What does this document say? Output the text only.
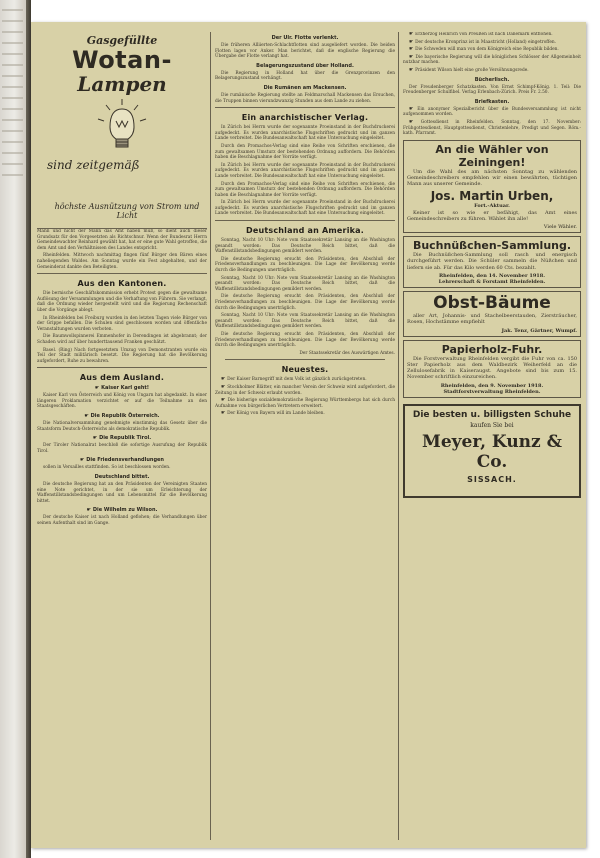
Gasgefüllte
Wotan-
Lampen
sind zeitgemäß
höchste Ausnützung von Strom und Licht

Mann und nicht der Mann das Amt haben muß, so dient auch dieser Grundsatz für den Vorgesetzten als Richtschnur. Wenn der Bundesrat Herrn Gemeindewachter Reinhard gewählt hat, hat er eine gute Wahl getroffen, die dem Amt und den Verhältnissen des Landes entspricht.

Rheinfelden. Mittwoch nachmittag fingen fünf Bürger den Bären eines naheliegenden Waldes. Am Sonntag wurde ein Fest abgehalten, und der Gemeinderat dankte den Beteiligten.

Aus den Kantonen.

Die bernische Geschäftskommission erhebt Protest gegen die gewaltsame Auflösung der Versammlungen und die Verhaftung von Führern. Sie verlangt, daß die Ordnung wieder hergestellt wird und die Regierung Rechenschaft über die Vorgänge ablegt.

In Rheinfelden bei Freiburg wurden in den letzten Tagen viele Bürger von der Grippe befallen. Die Schulen sind geschlossen worden und öffentliche Veranstaltungen wurden verboten.

Die Baumwollspinnerei Emmenhofer in Derendingen ist abgebrannt; der Schaden wird auf über hunderttausend Franken geschätzt.

Basel. (Ring) Nach fortgesetztem Umzug von Demonstranten wurde ein Teil der Stadt militärisch besetzt. Die Regierung hat die Bevölkerung aufgefordert, Ruhe zu bewahren.

Aus dem Ausland.
☛ Kaiser Karl geht!

Kaiser Karl von Österreich und König von Ungarn hat abgedankt. In einer längeren Proklamation verzichtet er auf die Teilnahme an den Staatsgeschäften.

☛ Die Republik Österreich.

Die Nationalversammlung genehmigte einstimmig das Gesetz über die Staatsform Deutsch-Österreichs als demokratische Republik.

☛ Die Republik Tirol.

Der Tiroler Nationalrat beschloß die sofortige Ausrufung der Republik Tirol.

☛ Die Friedensverhandlungen

sollen in Versailles stattfinden. So ist beschlossen worden.

Deutschland bittet.

Die deutsche Regierung hat an den Präsidenten der Vereinigten Staaten eine Note gerichtet, in der sie um Erleichterung der Waffenstillstandsbedingungen und um Lebensmittel für die Bevölkerung bittet.

☛ Die Wilhelm zu Wilson.

Der deutsche Kaiser ist nach Holland geflohen; die Verhandlungen über seinen Aufenthalt sind im Gange.

Der Ulr. Flotte verlenkt.

Die früheren Alliierten-Schlachtflotten sind ausgeliefert worden. Die beiden Flotten lagen vor Anker. Man berichtet, daß die englische Regierung die Übergabe der Flotte verlangt hat.

Belagerungszustand über Holland.

Die Regierung in Holland hat über die Grenzprovinzen den Belagerungszustand verhängt.

Die Rumänen am Mackensen.

Die rumänische Regierung stellte an Feldmarschall Mackensen das Ersuchen, die Truppen binnen vierundzwanzig Stunden aus dem Lande zu ziehen.

Ein anarchistischer Verlag.

In Zürich bei Herrn wurde der sogenannte Proeinstand in der Buchdruckerei aufgedeckt. Es wurden anarchistische Flugschriften gedruckt und im ganzen Lande verbreitet. Die Bundesanwaltschaft hat eine Untersuchung eingeleitet.

Durch den Promachos-Verlag sind eine Reihe von Schriften erschienen, die zum gewaltsamen Umsturz der bestehenden Ordnung auffordern. Die Behörden haben die Beschlagnahme der Vorräte verfügt.

In Zürich bei Herrn wurde der sogenannte Proeinstand in der Buchdruckerei aufgedeckt. Es wurden anarchistische Flugschriften gedruckt und im ganzen Lande verbreitet. Die Bundesanwaltschaft hat eine Untersuchung eingeleitet.

Durch den Promachos-Verlag sind eine Reihe von Schriften erschienen, die zum gewaltsamen Umsturz der bestehenden Ordnung auffordern. Die Behörden haben die Beschlagnahme der Vorräte verfügt.

In Zürich bei Herrn wurde der sogenannte Proeinstand in der Buchdruckerei aufgedeckt. Es wurden anarchistische Flugschriften gedruckt und im ganzen Lande verbreitet. Die Bundesanwaltschaft hat eine Untersuchung eingeleitet.

Deutschland an Amerika.

Sonntag, Nacht 10 Uhr: Note vom Staatssekretär Lansing an die Washington gesandt worden: Das Deutsche Reich bittet, daß die Waffenstillstandsbedingungen gemildert werden.

Die deutsche Regierung ersucht den Präsidenten, den Abschluß der Friedensverhandlungen zu beschleunigen. Die Lage der Bevölkerung werde durch die Bedingungen unerträglich.

Sonntag, Nacht 10 Uhr: Note vom Staatssekretär Lansing an die Washington gesandt worden: Das Deutsche Reich bittet, daß die Waffenstillstandsbedingungen gemildert werden.

Die deutsche Regierung ersucht den Präsidenten, den Abschluß der Friedensverhandlungen zu beschleunigen. Die Lage der Bevölkerung werde durch die Bedingungen unerträglich.

Sonntag, Nacht 10 Uhr: Note vom Staatssekretär Lansing an die Washington gesandt worden: Das Deutsche Reich bittet, daß die Waffenstillstandsbedingungen gemildert werden.

Die deutsche Regierung ersucht den Präsidenten, den Abschluß der Friedensverhandlungen zu beschleunigen. Die Lage der Bevölkerung werde durch die Bedingungen unerträglich.

Der Staatssekretär des Auswärtigen Amtes.

Neuestes.

☛ Der Kaiser Barnegriff mit dem Volk ist gänzlich zurückgetreten.

☛ Stockholmer Blätter, ein mancher Verein der Schweiz wird aufgefordert, die Zeitung in der Schweiz erlaubt worden.

☛ Die bisherige sozialdemokratische Regierung Württembergs hat sich durch Aufnahme von bürgerlichen Vertretern erweitert.

☛ Der König von Bayern will im Lande bleiben.

☛ Erzherzog Heinrich von Preußen ist nach Dänemark entflohen.

☛ Der deutsche Kronprinz ist in Maastricht (Holland) eingetroffen.

☛ Die Schweden will man von dem Königreich eine Republik bilden.

☛ Die bayerische Regierung will die königlichen Schlösser der Allgemeinheit nutzbar machen.

☛ Präsident Wilson hielt eine große Versöhnungsrede.

Bücherlisch.

Der Freudenberger Schatzkasten. Von Ernst Schimpf-König. 1. Teil: Die Freudenberger Schulfibel. Verlag Erlenbach-Zürich. Preis Fr. 2.50.

Briefkasten.

☛ Ein anonymer Spezialbericht über die Bundesversammlung ist nicht aufgenommen worden.

☛ Gottesdienst in Rheinfelden. Sonntag, den 17. November: Frühgottesdienst, Hauptgottesdienst, Christenlehre, Predigt und Segen. Röm.-kath. Pfarramt.

An die Wähler von Zeiningen!

Um die Wahl des am nächsten Sonntag zu wählenden Gemeindeschreibers empfehlen wir einen bewährten, tüchtigen Mann aus unserer Gemeinde.

Jos. Martin Urben,
Fort.-Aktuar.

Keiner ist so wie er befähigt, das Amt eines Gemeindeschreibers zu führen. Wählet ihn alle!

Viele Wähler.
Buchnüßchen-Sammlung.

Die Buchnüßchen-Sammlung soll rasch und energisch durchgeführt werden. Die Schüler sammeln die Nüßchen und liefern sie ab. Für das Kilo werden 60 Cts. bezahlt.

Rheinfelden, den 14. November 1918.
Lehrerschaft & Forstamt Rheinfelden.
Obst-Bäume

aller Art, Johannis- und Stachelbeerstauden, Ziersträucher, Rosen, Hochstämme empfiehlt

Jak. Tenz, Gärtner, Wumpf.
Papierholz-Fuhr.

Die Forstverwaltung Rheinfelden vergibt die Fuhr von ca. 150 Ster Papierholz aus dem Waldbezirk Weiherfeld an die Zellulosefabrik in Kaiseraugst. Angebote sind bis zum 15. November schriftlich einzureichen.

Rheinfelden, den 9. November 1918.
Stadtforstverwaltung Rheinfelden.
Die besten u. billigsten Schuhe
kaufen Sie bei
Meyer, Kunz & Co.
SISSACH.
